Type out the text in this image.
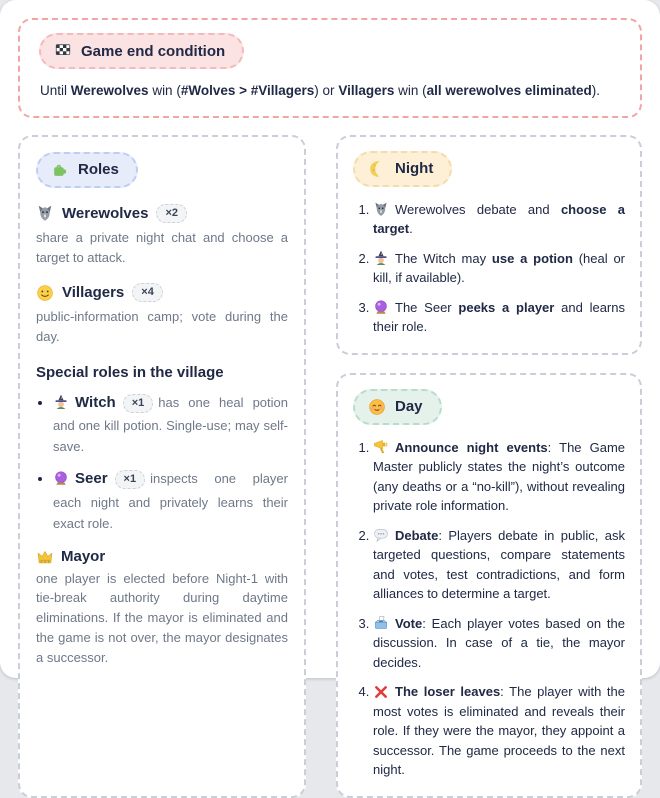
Game end condition

Until Werewolves win (#Wolves > #Villagers) or Villagers win (all werewolves eliminated).

Roles
Werewolves	×2

share a private night chat and choose a target to attack.

Villagers	×4

public-information camp; vote during the day.

Special roles in the village
• Witch ×1 has one heal potion and one kill potion. Single-use; may self-save.
• Seer ×1 inspects one player each night and privately learns their exact role.
Mayor

one player is elected before Night-1 with tie-break authority during daytime eliminations. If the mayor is eliminated and the game is not over, the mayor designates a successor.

Night
1. Werewolves debate and choose a target.
2. The Witch may use a potion (heal or kill, if available).
3. The Seer peeks a player and learns their role.
Day
1. Announce night events: The Game Master publicly states the night’s outcome (any deaths or a “no-kill”), without revealing private role information.
2. Debate: Players debate in public, ask targeted questions, compare statements and votes, test contradictions, and form alliances to determine a target.
3. Vote: Each player votes based on the discussion. In case of a tie, the mayor decides.
4. The loser leaves: The player with the most votes is eliminated and reveals their role. If they were the mayor, they appoint a successor. The game proceeds to the next night.
